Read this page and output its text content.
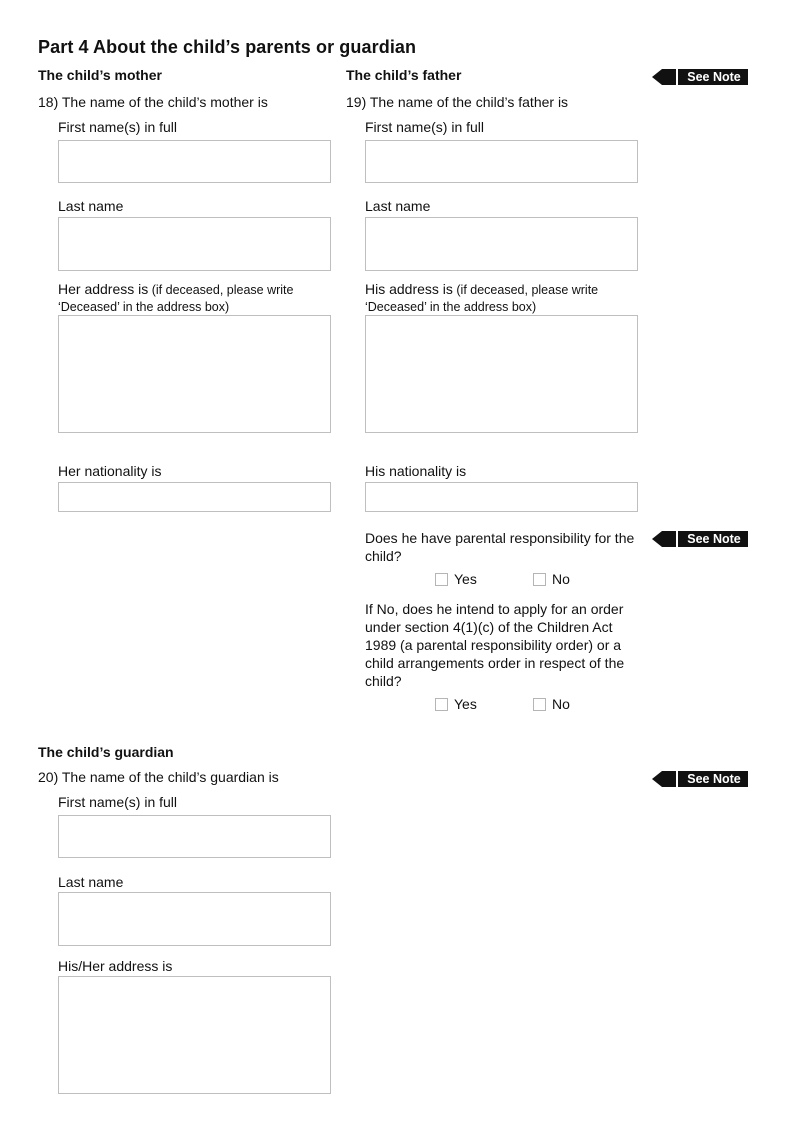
Part 4 About the child’s parents or guardian
The child’s mother
18) The name of the child’s mother is
First name(s) in full
Last name
Her address is (if deceased, please write ‘Deceased’ in the address box)
Her nationality is
The child’s father
19) The name of the child’s father is
First name(s) in full
Last name
His address is (if deceased, please write ‘Deceased’ in the address box)
His nationality is
Does he have parental responsibility for the child?
Yes	No
If No, does he intend to apply for an order under section 4(1)(c) of the Children Act 1989 (a parental responsibility order) or a child arrangements order in respect of the child?
Yes	No
The child’s guardian
20) The name of the child’s guardian is
First name(s) in full
Last name
His/Her address is
See Note 7
See Note 8
See Note 9
